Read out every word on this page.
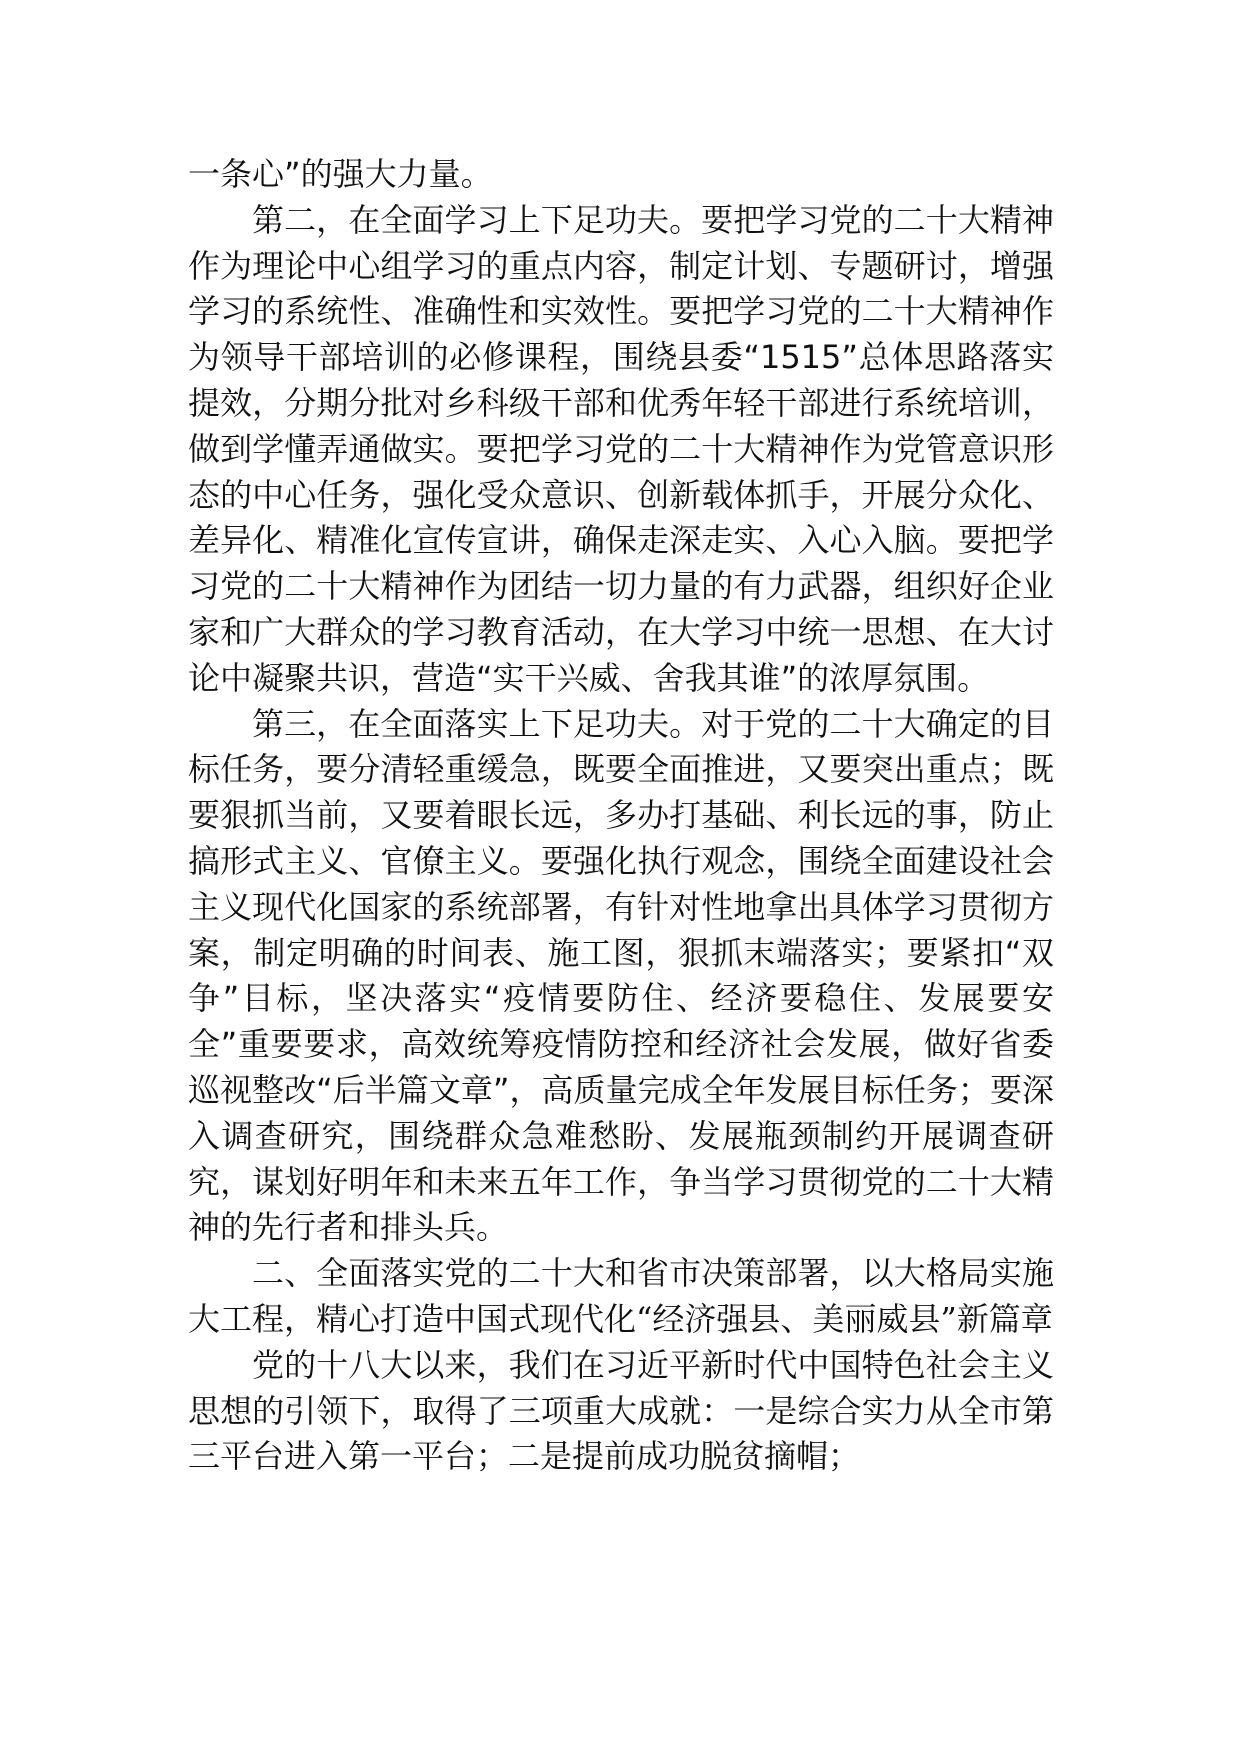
一条心”的强大力量。

第二，在全面学习上下足功夫。要把学习党的二十大精神作为理论中心组学习的重点内容，制定计划、专题研讨，增强学习的系统性、准确性和实效性。要把学习党的二十大精神作为领导干部培训的必修课程，围绕县委“1515”总体思路落实提效，分期分批对乡科级干部和优秀年轻干部进行系统培训，做到学懂弄通做实。要把学习党的二十大精神作为党管意识形态的中心任务，强化受众意识、创新载体抓手，开展分众化、差异化、精准化宣传宣讲，确保走深走实、入心入脑。要把学习党的二十大精神作为团结一切力量的有力武器，组织好企业家和广大群众的学习教育活动，在大学习中统一思想、在大讨论中凝聚共识，营造“实干兴威、舍我其谁”的浓厚氛围。

第三，在全面落实上下足功夫。对于党的二十大确定的目标任务，要分清轻重缓急，既要全面推进，又要突出重点；既要狠抓当前，又要着眼长远，多办打基础、利长远的事，防止搞形式主义、官僚主义。要强化执行观念，围绕全面建设社会主义现代化国家的系统部署，有针对性地拿出具体学习贯彻方案，制定明确的时间表、施工图，狠抓末端落实；要紧扣“双争”目标，坚决落实“疫情要防住、经济要稳住、发展要安全”重要要求，高效统筹疫情防控和经济社会发展，做好省委巡视整改“后半篇文章”，高质量完成全年发展目标任务；要深入调查研究，围绕群众急难愁盼、发展瓶颈制约开展调查研究，谋划好明年和未来五年工作，争当学习贯彻党的二十大精神的先行者和排头兵。

二、全面落实党的二十大和省市决策部署，以大格局实施大工程，精心打造中国式现代化“经济强县、美丽威县”新篇章

党的十八大以来，我们在习近平新时代中国特色社会主义思想的引领下，取得了三项重大成就：一是综合实力从全市第三平台进入第一平台；二是提前成功脱贫摘帽；
